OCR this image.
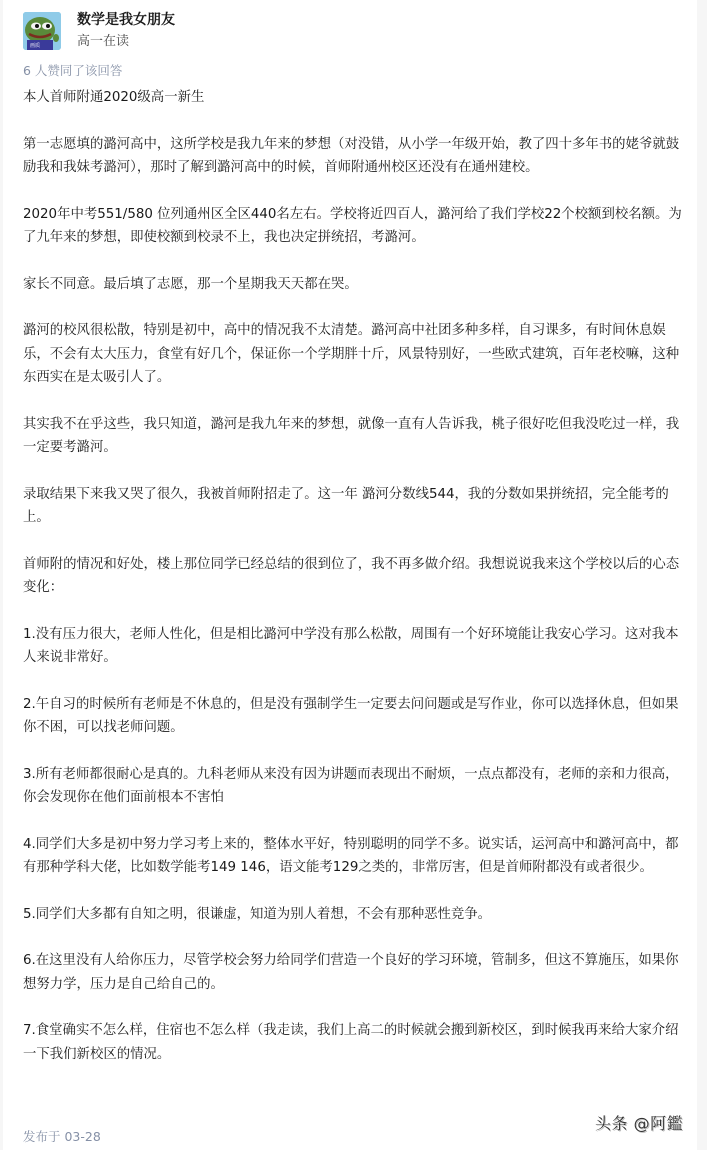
画质
数学是我女朋友
高一在读
6 人赞同了该回答

本人首师附通2020级高一新生

第一志愿填的潞河高中，这所学校是我九年来的梦想（对没错，从小学一年级开始，教了四十多年书的姥爷就鼓励我和我妹考潞河），那时了解到潞河高中的时候，首师附通州校区还没有在通州建校。

2020年中考551/580 位列通州区全区440名左右。学校将近四百人，潞河给了我们学校22个校额到校名额。为了九年来的梦想，即使校额到校录不上，我也决定拼统招，考潞河。

家长不同意。最后填了志愿，那一个星期我天天都在哭。

潞河的校风很松散，特别是初中，高中的情况我不太清楚。潞河高中社团多种多样，自习课多，有时间休息娱乐，不会有太大压力，食堂有好几个，保证你一个学期胖十斤，风景特别好，一些欧式建筑，百年老校嘛，这种东西实在是太吸引人了。

其实我不在乎这些，我只知道，潞河是我九年来的梦想，就像一直有人告诉我，桃子很好吃但我没吃过一样，我一定要考潞河。

录取结果下来我又哭了很久，我被首师附招走了。这一年 潞河分数线544，我的分数如果拼统招，完全能考的上。

首师附的情况和好处，楼上那位同学已经总结的很到位了，我不再多做介绍。我想说说我来这个学校以后的心态变化：

1.没有压力很大，老师人性化，但是相比潞河中学没有那么松散，周围有一个好环境能让我安心学习。这对我本人来说非常好。

2.午自习的时候所有老师是不休息的，但是没有强制学生一定要去问问题或是写作业，你可以选择休息，但如果你不困，可以找老师问题。

3.所有老师都很耐心是真的。九科老师从来没有因为讲题而表现出不耐烦，一点点都没有，老师的亲和力很高，你会发现你在他们面前根本不害怕

4.同学们大多是初中努力学习考上来的，整体水平好，特别聪明的同学不多。说实话，运河高中和潞河高中，都有那种学科大佬，比如数学能考149 146，语文能考129之类的，非常厉害，但是首师附都没有或者很少。

5.同学们大多都有自知之明，很谦虚，知道为别人着想，不会有那种恶性竞争。

6.在这里没有人给你压力，尽管学校会努力给同学们营造一个良好的学习环境，管制多，但这不算施压，如果你想努力学，压力是自己给自己的。

7.食堂确实不怎么样，住宿也不怎么样（我走读，我们上高二的时候就会搬到新校区，到时候我再来给大家介绍一下我们新校区的情况。

发布于 03-28
头条 @阿鑑
